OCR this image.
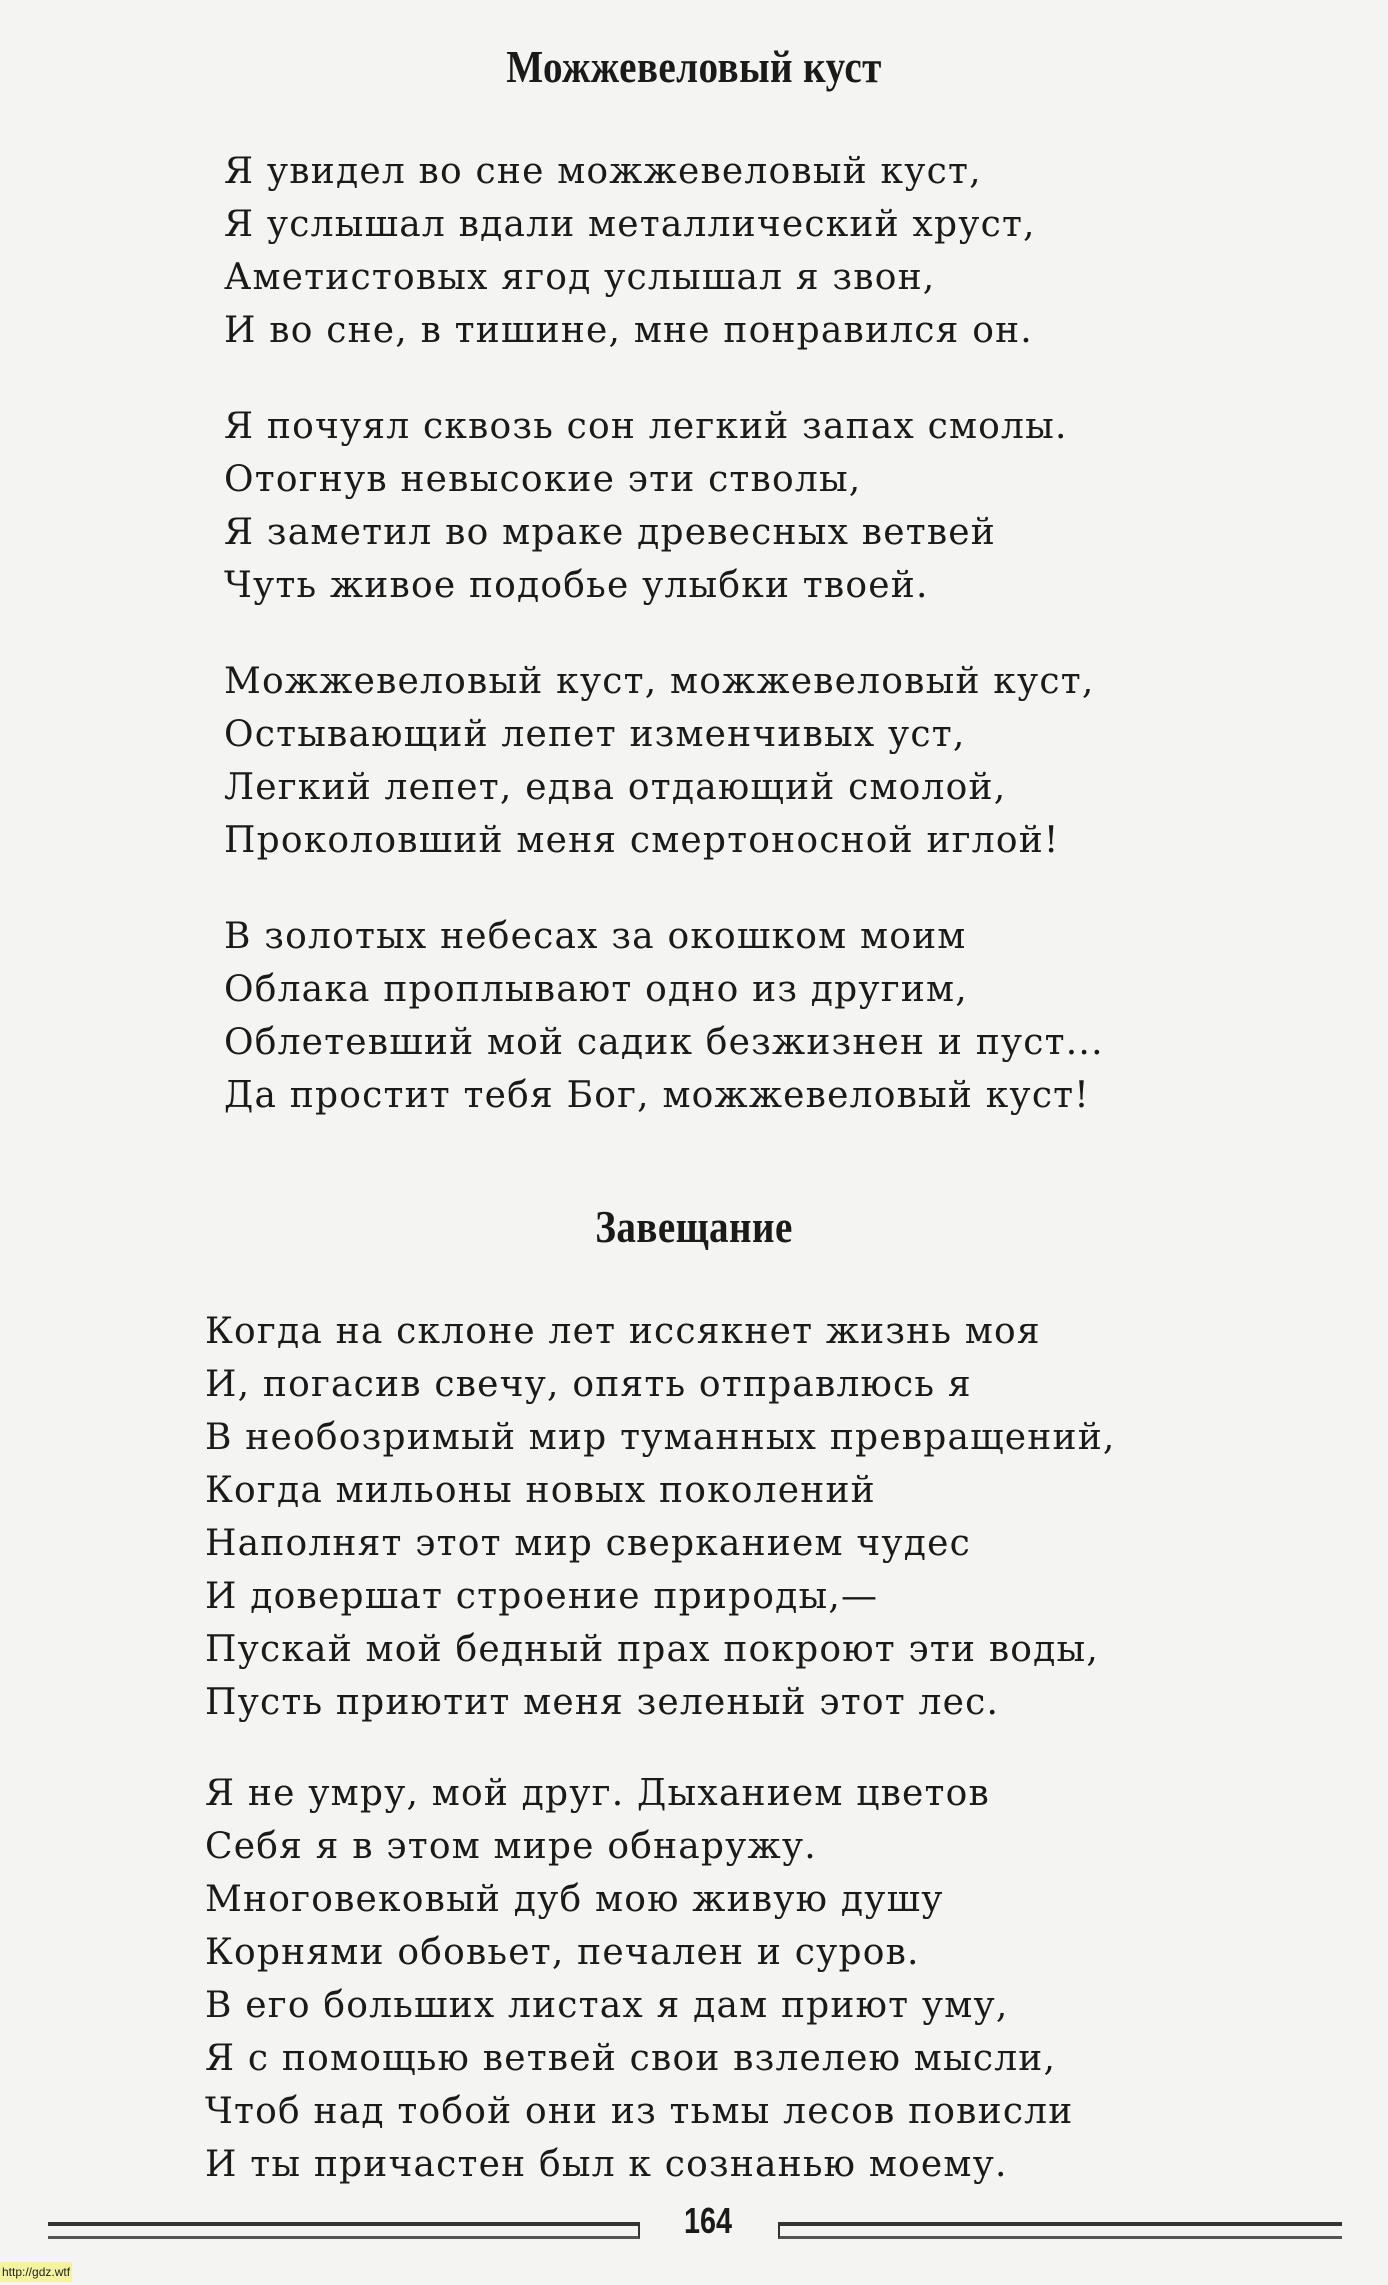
Можжевеловый куст
Я увидел во сне можжевеловый куст,
Я услышал вдали металлический хруст,
Аметистовых ягод услышал я звон,
И во сне, в тишине, мне понравился он.
Я почуял сквозь сон легкий запах смолы.
Отогнув невысокие эти стволы,
Я заметил во мраке древесных ветвей
Чуть живое подобье улыбки твоей.
Можжевеловый куст, можжевеловый куст,
Остывающий лепет изменчивых уст,
Легкий лепет, едва отдающий смолой,
Проколовший меня смертоносной иглой!
В золотых небесах за окошком моим
Облака проплывают одно из другим,
Облетевший мой садик безжизнен и пуст...
Да простит тебя Бог, можжевеловый куст!
Завещание
Когда на склоне лет иссякнет жизнь моя
И, погасив свечу, опять отправлюсь я
В необозримый мир туманных превращений,
Когда мильоны новых поколений
Наполнят этот мир сверканием чудес
И довершат строение природы,—
Пускай мой бедный прах покроют эти воды,
Пусть приютит меня зеленый этот лес.
Я не умру, мой друг. Дыханием цветов
Себя я в этом мире обнаружу.
Многовековый дуб мою живую душу
Корнями обовьет, печален и суров.
В его больших листах я дам приют уму,
Я с помощью ветвей свои взлелею мысли,
Чтоб над тобой они из тьмы лесов повисли
И ты причастен был к сознанью моему.
164
http://gdz.wtf
